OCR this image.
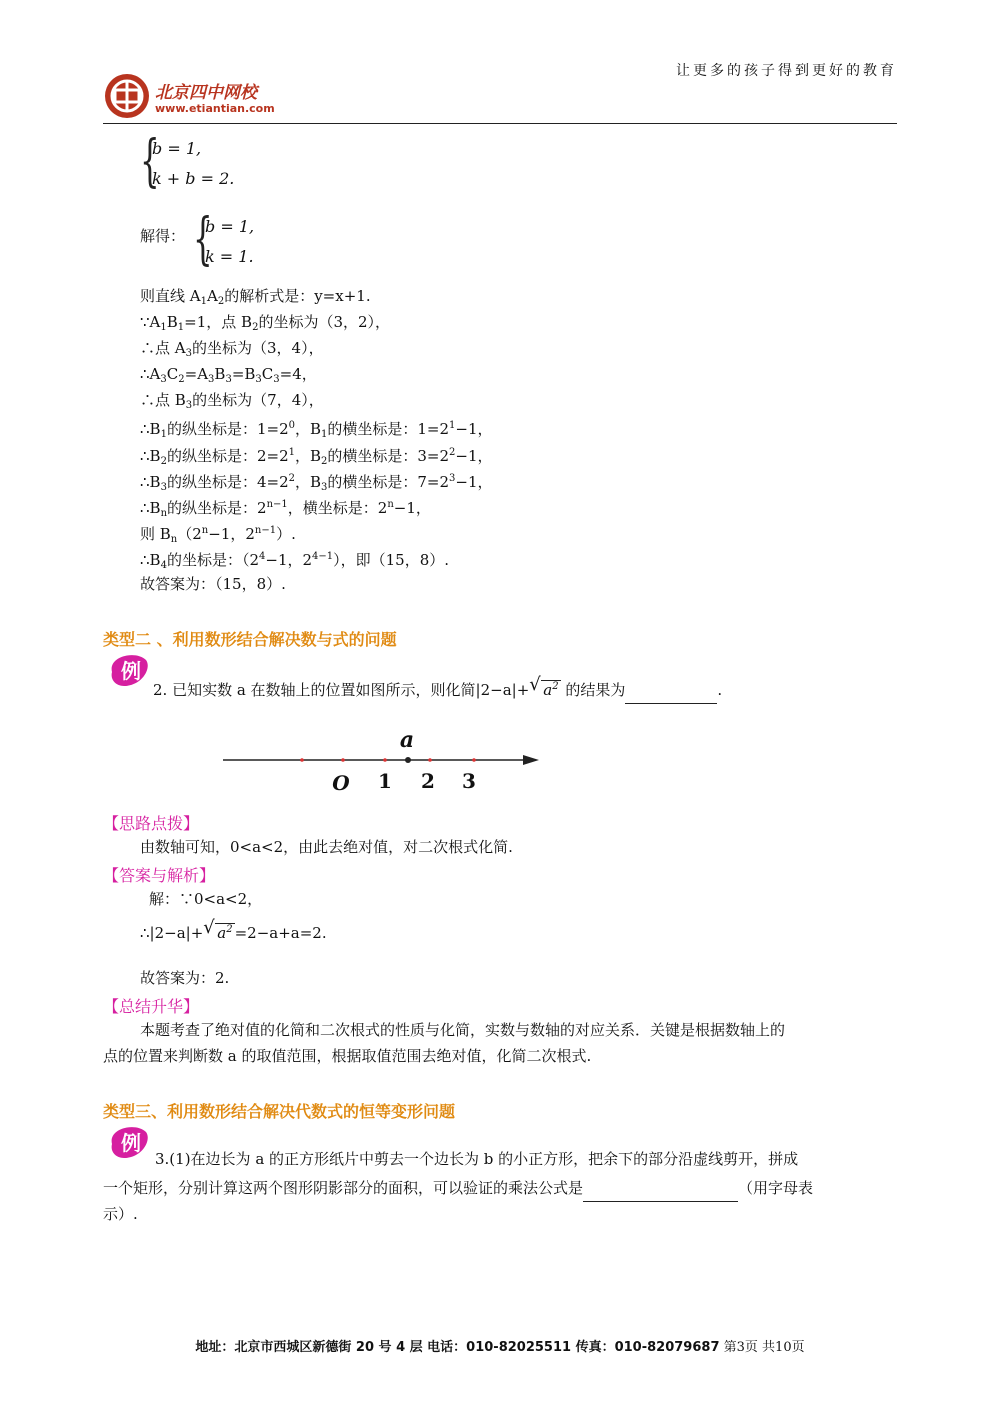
北京四中网校
www.etiantian.com
让更多的孩子得到更好的教育
{
b = 1,
k + b = 2.
解得： {
b = 1,
k = 1.
则直线 $A_1A_2$的解析式是：y=x+1.
$\because A_1B_1=1$，点 $B_2$的坐标为（3，2），
∴点 $A_3$的坐标为（3，4），
$\therefore A_3C_2=A_3B_3=B_3C_3=4$，
∴点 $B_3$的坐标为（7，4），
$\therefore B_1$的纵坐标是：$1=2^0$，$B_1$的横坐标是：$1=2^1-1$，
$\therefore B_2$的纵坐标是：$2=2^1$，$B_2$的横坐标是：$3=2^2-1$，
$\therefore B_3$的纵坐标是：$4=2^2$，$B_3$的横坐标是：$7=2^3-1$，
$\therefore B_n$的纵坐标是：$2^{n-1}$，横坐标是：$2^n-1$，
则 $B_n(2^n-1$，$2^{n-1}$）.
$\therefore B_4$的坐标是：（$2^4-1$，$2^{4-1}$），即（15，8）.
故答案为：（15，8）.
类型二 、利用数形结合解决数与式的问题
例
2. 已知实数 a 在数轴上的位置如图所示，则化简|2−a|+ √ $a^2$ 的结果为	.
a
O 1 2 3
【思路点拨】
由数轴可知，0<a<2，由此去绝对值，对二次根式化简.
【答案与解析】
解：∵0<a<2，
∴|2−a|+ √ $a^2 =2-a+a=2$.
故答案为：2.
【总结升华】
本题考查了绝对值的化简和二次根式的性质与化简，实数与数轴的对应关系．关键是根据数轴上的
点的位置来判断数 a 的取值范围，根据取值范围去绝对值，化简二次根式.
类型三、利用数形结合解决代数式的恒等变形问题
例
3.(1)在边长为 a 的正方形纸片中剪去一个边长为 b 的小正方形，把余下的部分沿虚线剪开，拼成
一个矩形，分别计算这两个图形阴影部分的面积，可以验证的乘法公式是	（用字母表
示）.
地址：北京市西城区新德街 20 号 4 层 电话：010-82025511 传真：010-82079687 第3页 共10页
